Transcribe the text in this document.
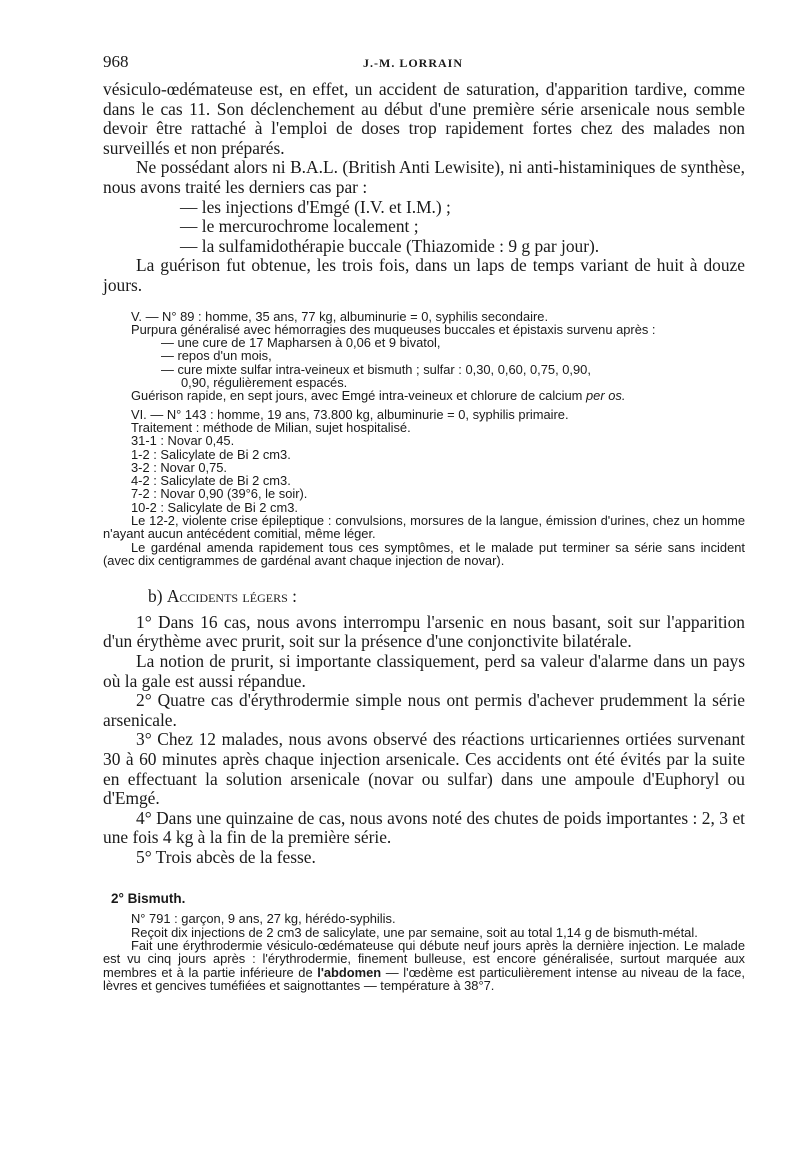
968	J.-M. LORRAIN

vésiculo-œdémateuse est, en effet, un accident de saturation, d'apparition tardive, comme dans le cas 11. Son déclenchement au début d'une première série arsenicale nous semble devoir être rattaché à l'emploi de doses trop rapidement fortes chez des malades non surveillés et non préparés.

Ne possédant alors ni B.A.L. (British Anti Lewisite), ni anti-histaminiques de synthèse, nous avons traité les derniers cas par :

— les injections d'Emgé (I.V. et I.M.) ;

— le mercurochrome localement ;

— la sulfamidothérapie buccale (Thiazomide : 9 g par jour).

La guérison fut obtenue, les trois fois, dans un laps de temps variant de huit à douze jours.

V. — N° 89 : homme, 35 ans, 77 kg, albuminurie = 0, syphilis secondaire.

Purpura généralisé avec hémorragies des muqueuses buccales et épistaxis survenu après :

— une cure de 17 Mapharsen à 0,06 et 9 bivatol,

— repos d'un mois,

— cure mixte sulfar intra-veineux et bismuth ; sulfar : 0,30, 0,60, 0,75, 0,90,

0,90, régulièrement espacés.

Guérison rapide, en sept jours, avec Emgé intra-veineux et chlorure de calcium per os.

VI. — N° 143 : homme, 19 ans, 73.800 kg, albuminurie = 0, syphilis primaire.

Traitement : méthode de Milian, sujet hospitalisé.

31-1 : Novar 0,45.

1-2 : Salicylate de Bi 2 cm3.

3-2 : Novar 0,75.

4-2 : Salicylate de Bi 2 cm3.

7-2 : Novar 0,90 (39°6, le soir).

10-2 : Salicylate de Bi 2 cm3.

Le 12-2, violente crise épileptique : convulsions, morsures de la langue, émission d'urines, chez un homme n'ayant aucun antécédent comitial, même léger.

Le gardénal amenda rapidement tous ces symptômes, et le malade put terminer sa série sans incident (avec dix centigrammes de gardénal avant chaque injection de novar).

b) Accidents légers :

1° Dans 16 cas, nous avons interrompu l'arsenic en nous basant, soit sur l'apparition d'un érythème avec prurit, soit sur la présence d'une conjonctivite bilatérale.

La notion de prurit, si importante classiquement, perd sa valeur d'alarme dans un pays où la gale est aussi répandue.

2° Quatre cas d'érythrodermie simple nous ont permis d'achever prudemment la série arsenicale.

3° Chez 12 malades, nous avons observé des réactions urticariennes ortiées survenant 30 à 60 minutes après chaque injection arsenicale. Ces accidents ont été évités par la suite en effectuant la solution arsenicale (novar ou sulfar) dans une ampoule d'Euphoryl ou d'Emgé.

4° Dans une quinzaine de cas, nous avons noté des chutes de poids importantes : 2, 3 et une fois 4 kg à la fin de la première série.

5° Trois abcès de la fesse.

2° Bismuth.

N° 791 : garçon, 9 ans, 27 kg, hérédo-syphilis.

Reçoit dix injections de 2 cm3 de salicylate, une par semaine, soit au total 1,14 g de bismuth-métal.

Fait une érythrodermie vésiculo-œdémateuse qui débute neuf jours après la dernière injection. Le malade est vu cinq jours après : l'érythrodermie, finement bulleuse, est encore généralisée, surtout marquée aux membres et à la partie inférieure de l'abdomen — l'œdème est particulièrement intense au niveau de la face, lèvres et gencives tuméfiées et saignottantes — température à 38°7.
